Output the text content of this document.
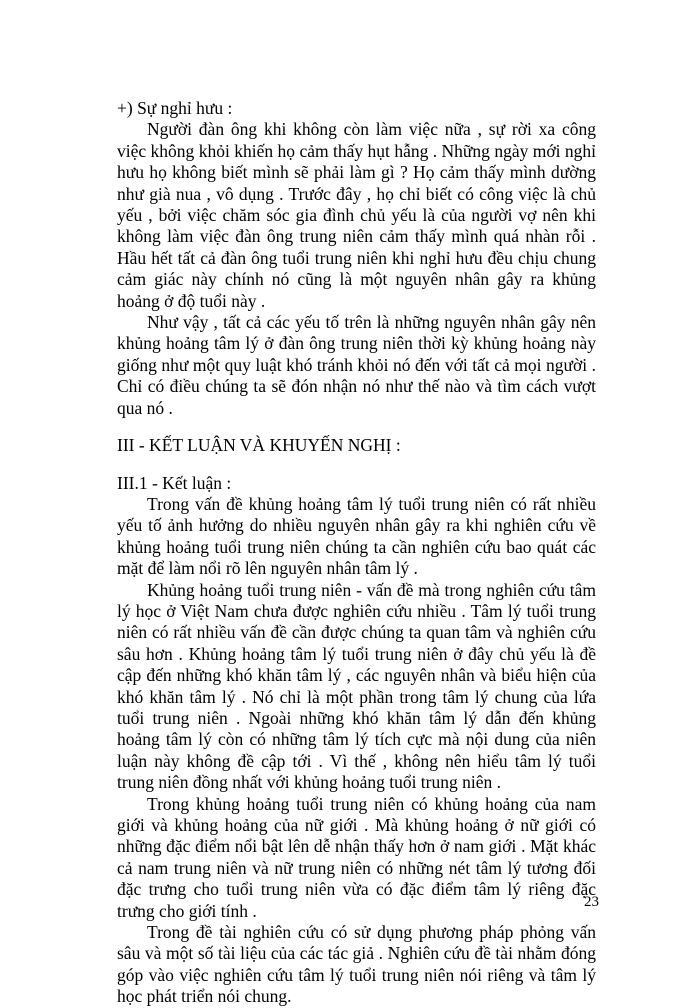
+) Sự nghỉ hưu :

Người đàn ông khi không còn làm việc nữa , sự rời xa công việc không khỏi khiến họ cảm thấy hụt hẫng . Những ngày mới nghỉ hưu họ không biết mình sẽ phải làm gì ? Họ cảm thấy mình dường như già nua , vô dụng . Trước đây , họ chỉ biết có công việc là chủ yếu , bởi việc chăm sóc gia đình chủ yếu là của người vợ nên khi không làm việc đàn ông trung niên cảm thấy mình quá nhàn rỗi . Hầu hết tất cả đàn ông tuổi trung niên khi nghỉ hưu đều chịu chung cảm giác này chính nó cũng là một nguyên nhân gây ra khủng hoảng ở độ tuổi này .

Như vậy , tất cả các yếu tố trên là những nguyên nhân gây nên khủng hoảng tâm lý ở đàn ông trung niên thời kỳ khủng hoảng này giống như một quy luật khó tránh khỏi nó đến với tất cả mọi người . Chỉ có điều chúng ta sẽ đón nhận nó như thế nào và tìm cách vượt qua nó .

III - KẾT LUẬN VÀ KHUYẾN NGHỊ :

III.1 - Kết luận :

Trong vấn đề khủng hoảng tâm lý tuổi trung niên có rất nhiều yếu tố ảnh hưởng do nhiều nguyên nhân gây ra khi nghiên cứu về khủng hoảng tuổi trung niên chúng ta cần nghiên cứu bao quát các mặt để làm nổi rõ lên nguyên nhân tâm lý .

Khủng hoảng tuổi trung niên - vấn đề mà trong nghiên cứu tâm lý học ở Việt Nam chưa được nghiên cứu nhiều . Tâm lý tuổi trung niên có rất nhiều vấn đề cần được chúng ta quan tâm và nghiên cứu sâu hơn . Khủng hoảng tâm lý tuổi trung niên ở đây chủ yếu là đề cập đến những khó khăn tâm lý , các nguyên nhân và biểu hiện của khó khăn tâm lý . Nó chỉ là một phần trong tâm lý chung của lứa tuổi trung niên . Ngoài những khó khăn tâm lý dẫn đến khủng hoảng tâm lý còn có những tâm lý tích cực mà nội dung của niên luận này không đề cập tới . Vì thế , không nên hiểu tâm lý tuổi trung niên đồng nhất với khủng hoảng tuổi trung niên .

Trong khủng hoảng tuổi trung niên có khủng hoảng của nam giới và khủng hoảng của nữ giới . Mà khủng hoảng ở nữ giới có những đặc điểm nổi bật lên dễ nhận thấy hơn ở nam giới . Mặt khác cả nam trung niên và nữ trung niên có những nét tâm lý tương đối đặc trưng cho tuổi trung niên vừa có đặc điểm tâm lý riêng đặc trưng cho giới tính .

Trong đề tài nghiên cứu có sử dụng phương pháp phỏng vấn sâu và một số tài liệu của các tác giả . Nghiên cứu đề tài nhằm đóng góp vào việc nghiên cứu tâm lý tuổi trung niên nói riêng và tâm lý học phát triển nói chung.

23
